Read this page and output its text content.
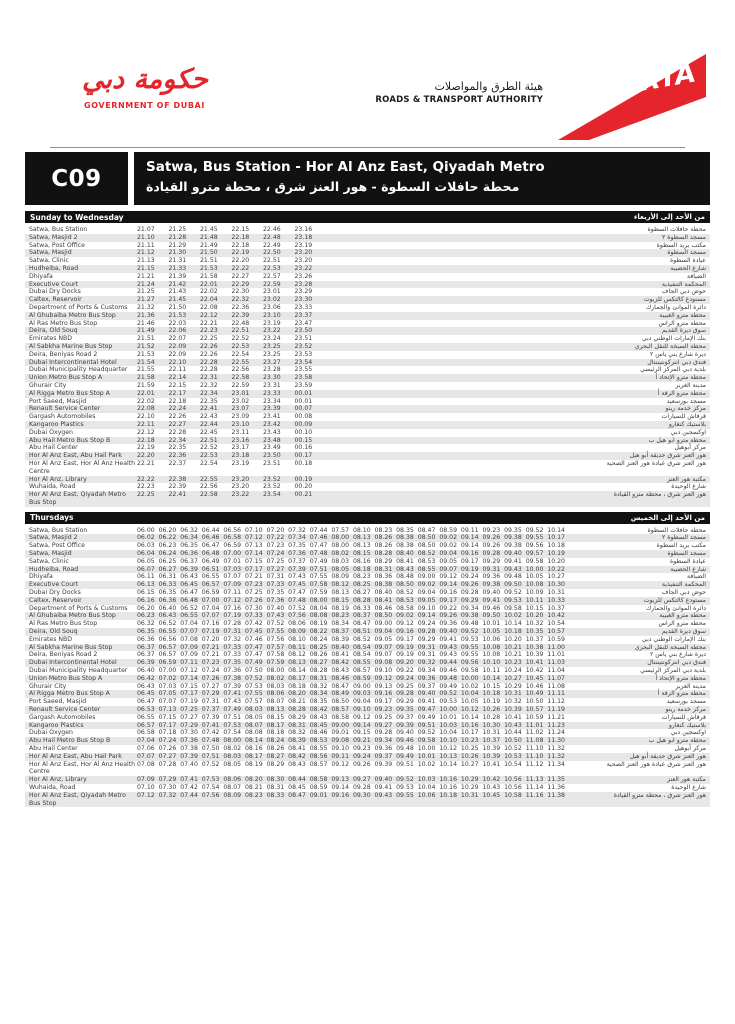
حكومة دبي
GOVERNMENT OF DUBAI
هيئة الطرق والمواصلات
ROADS & TRANSPORT AUTHORITY
RTA
C09	Satwa, Bus Station - Hor Al Anz East, Qiyadah Metro
محطة حافلات السطوة - هور العنز شرق ، محطة مترو القيادة
Sunday to Wednesday	من الأحد إلى الأربعاء
Satwa, Bus Station	21.07	21.25	21.45	22.15	22.46	23.16	محطة حافلات السطوة
Satwa, Masjid 2	21.10	21.28	21.48	22.18	22.48	23.18	مسجد السطوة ٢
Satwa, Post Office	21.11	21.29	21.49	22.18	22.49	23.19	مكتب بريد السطوة
Satwa, Masjid	21.12	21.30	21.50	22.19	22.50	23.20	مسجد السطوة
Satwa, Clinic	21.13	21.31	21.51	22.20	22.51	23.20	عيادة السطوة
Hudheiba, Road	21.15	21.33	21.53	22.22	22.53	23.22	شارع الحضيبة
Dhiyafa	21.21	21.39	21.58	22.27	22.57	23.26	الضيافة
Executive Court	21.24	21.42	22.01	22.29	22.59	23.28	المحكمة التنفيذية
Dubai Dry Docks	21.25	21.43	22.02	22.30	23.01	23.29	حوض دبي الجاف
Caltex, Reservoir	21.27	21.45	22.04	22.32	23.02	23.30	مستودع كالتكس للزيوت
Department of Ports & Customs	21.32	21.50	22.08	22.36	23.06	23.33	دائرة الموانئ والجمارك
Al Ghubaiba Metro Bus Stop	21.36	21.53	22.12	22.39	23.10	23.37	محطة مترو الغبيبة
Al Ras Metro Bus Stop	21.46	22.03	22.21	22.48	23.19	23.47	محطة مترو الراس
Deira, Old Souq	21.49	22.06	22.23	22.51	23.22	23.50	سوق ديرة القديم
Emirates NBD	21.51	22.07	22.25	22.52	23.24	23.51	بنك الإمارات الوطني دبي
Al Sabkha Marine Bus Stop	21.52	22.09	22.26	22.53	23.25	23.52	محطة السبخة للنقل البحري
Deira, Beniyas Road 2	21.53	22.09	22.26	22.54	23.25	23.53	ديرة شارع بني ياس ٢
Dubai Intercontinental Hotel	21.54	22.10	22.28	22.55	23.27	23.54	فندق دبي انتركونتيننتال
Dubai Municipality Headquarter	21.55	22.11	22.28	22.56	23.28	23.55	بلدية دبي المركز الرئيسي
Union Metro Bus Stop A	21.58	22.14	22.31	22.58	23.30	23.58	محطة مترو الإتحاد أ
Ghurair City	21.59	22.15	22.32	22.59	23.31	23.59	مدينة الغرير
Al Rigga Metro Bus Stop A	22.01	22.17	22.34	23.01	23.33	00.01	محطة مترو الرقة أ
Port Saeed, Masjid	22.02	22.18	22.35	23.02	23.34	00.01	مسجد بورسعيد
Renault Service Center	22.08	22.24	22.41	23.07	23.39	00.07	مركز خدمة رينو
Gargash Automobiles	22.10	22.26	22.43	23.09	23.41	00.08	قرقاش للسيارات
Kangaroo Plastics	22.11	22.27	22.44	23.10	23.42	00.09	بلاستيك كنغارو
Dubai Oxygen	22.12	22.28	22.45	23.11	23.43	00.10	اوكسجين دبي
Abu Hail Metro Bus Stop B	22.18	22.34	22.51	23.16	23.48	00.15	محطة مترو ابو هيل ب
Abu Hail Center	22.19	22.35	22.52	23.17	23.49	00.16	مركز أبوهيل
Hor Al Anz East, Abu Hail Park	22.20	22.36	22.53	23.18	23.50	00.17	هور العنز شرق حديقة أبو هيل
Hor Al Anz East, Hor Al Anz Health Centre
22.21	22.37	22.54	23.19	23.51	00.18	هور العنز شرق عيادة هور العنز الصحية
Hor Al Anz, Library	22.22	22.38	22.55	23.20	23.52	00.19	مكتبة هور العنز
Wuhaida, Road	22.23	22.39	22.56	23.20	23.52	00.20	شارع الوحيدة
Hor Al Anz East, Qiyadah Metro Bus Stop
22.25	22.41	22.58	23.22	23.54	00.21	هور العنز شرق ، محطة مترو القيادة
Thursdays	من الأحد إلى الخميس
Satwa, Bus Station	06.00 06.20 06.32 06.44 06.56 07.10 07.20 07.32 07.44 07.57 08.10 08.23 08.35 08.47 08.59 09.11 09.23 09.35 09.52 10.14	محطة حافلات السطوة
Satwa, Masjid 2	06.02 06.22 06.34 06.46 06.58 07.12 07.22 07.34 07.46 08.00 08.13 08.26 08.38 08.50 09.02 09.14 09.26 09.38 09.55 10.17	مسجد السطوة ٢
Satwa, Post Office	06.03 06.23 06.35 06.47 06.59 07.13 07.23 07.35 07.47 08.00 08.13 08.26 08.38 08.50 09.02 09.14 09.26 09.38 09.56 10.18	مكتب بريد السطوة
Satwa, Masjid	06.04 06.24 06.36 06.48 07.00 07.14 07.24 07.36 07.48 08.02 08.15 08.28 08.40 08.52 09.04 09.16 09.28 09.40 09.57 10.19	مسجد السطوة
Satwa, Clinic	06.05 06.25 06.37 06.49 07.01 07.15 07.25 07.37 07.49 08.03 08.16 08.29 08.41 08.53 09.05 09.17 09.29 09.41 09.58 10.20	عيادة السطوة
Hudheiba, Road	06.07 06.27 06.39 06.51 07.03 07.17 07.27 07.39 07.51 08.05 08.18 08.31 08.43 08.55 09.07 09.19 09.31 09.43 10.00 10.22	شارع الحضيبة
Dhiyafa	06.11 06.31 06.43 06.55 07.07 07.21 07.31 07.43 07.55 08.09 08.23 08.36 08.48 09.00 09.12 09.24 09.36 09.48 10.05 10.27	الضيافة
Executive Court	06.13 06.33 06.45 06.57 07.09 07.23 07.33 07.45 07.58 08.12 08.25 08.38 08.50 09.02 09.14 09.26 09.38 09.50 10.08 10.30	المحكمة التنفيذية
Dubai Dry Docks	06.15 06.35 06.47 06.59 07.11 07.25 07.35 07.47 07.59 08.13 08.27 08.40 08.52 09.04 09.16 09.28 09.40 09.52 10.09 10.31	حوض دبي الجاف
Caltex, Reservoir	06.16 06.36 06.48 07.00 07.12 07.26 07.36 07.48 08.00 08.15 08.28 08.41 08.53 09.05 09.17 09.29 09.41 09.53 10.11 10.33	مستودع كالتكس للزيوت
Department of Ports & Customs	06.20 06.40 06.52 07.04 07.16 07.30 07.40 07.52 08.04 08.19 08.33 08.46 08.58 09.10 09.22 09.34 09.46 09.58 10.15 10.37	دائرة الموانئ والجمارك
Al Ghubaiba Metro Bus Stop	06.23 06.43 06.55 07.07 07.19 07.33 07.43 07.56 08.08 08.23 08.37 08.50 09.02 09.14 09.26 09.38 09.50 10.02 10.20 10.42	محطة مترو الغبيبة
Al Ras Metro Bus Stop	06.32 06.52 07.04 07.16 07.28 07.42 07.52 08.06 08.19 08.34 08.47 09.00 09.12 09.24 09.36 09.48 10.01 10.14 10.32 10.54	محطة مترو الراس
Deira, Old Souq	06.35 06.55 07.07 07.19 07.31 07.45 07.55 08.09 08.22 08.37 08.51 09.04 09.16 09.28 09.40 09.52 10.05 10.18 10.35 10.57	سوق ديرة القديم
Emirates NBD	06.36 06.56 07.08 07.20 07.32 07.46 07.56 08.10 08.24 08.39 08.52 09.05 09.17 09.29 09.41 09.53 10.06 10.20 10.37 10.59	بنك الإمارات الوطني دبي
Al Sabkha Marine Bus Stop	06.37 06.57 07.09 07.21 07.33 07.47 07.57 08.11 08.25 08.40 08.54 09.07 09.19 09.31 09.43 09.55 10.08 10.21 10.38 11.00	محطة السبخة للنقل البحري
Deira, Beniyas Road 2	06.37 06.57 07.09 07.21 07.33 07.47 07.58 08.12 08.26 08.41 08.54 09.07 09.19 09.31 09.43 09.55 10.08 10.21 10.39 11.01	ديرة شارع بني ياس ٢
Dubai Intercontinental Hotel	06.39 06.59 07.11 07.23 07.35 07.49 07.59 08.13 08.27 08.42 08.55 09.08 09.20 09.32 09.44 09.56 10.10 10.23 10.41 11.03	فندق دبي انتركونتيننتال
Dubai Municipality Headquarter	06.40 07.00 07.12 07.24 07.36 07.50 08.00 08.14 08.28 08.43 08.57 09.10 09.22 09.34 09.46 09.58 10.11 10.24 10.42 11.04	بلدية دبي المركز الرئيسي
Union Metro Bus Stop A	06.42 07.02 07.14 07.26 07.38 07.52 08.02 08.17 08.31 08.46 08.59 09.12 09.24 09.36 09.48 10.00 10.14 10.27 10.45 11.07	محطة مترو الإتحاد أ
Ghurair City	06.43 07.03 07.15 07.27 07.39 07.53 08.03 08.18 08.32 08.47 09.00 09.13 09.25 09.37 09.49 10.02 10.15 10.29 10.46 11.08	مدينة الغرير
Al Rigga Metro Bus Stop A	06.45 07.05 07.17 07.29 07.41 07.55 08.06 08.20 08.34 08.49 09.03 09.16 09.28 09.40 09.52 10.04 10.18 10.31 10.49 11.11	محطة مترو الرقة أ
Port Saeed, Masjid	06.47 07.07 07.19 07.31 07.43 07.57 08.07 08.21 08.35 08.50 09.04 09.17 09.29 09.41 09.53 10.05 10.19 10.32 10.50 11.12	مسجد بورسعيد
Renault Service Center	06.53 07.13 07.25 07.37 07.49 08.03 08.13 08.28 08.42 08.57 09.10 09.23 09.35 09.47 10.00 10.12 10.26 10.39 10.57 11.19	مركز خدمة رينو
Gargash Automobiles	06.55 07.15 07.27 07.39 07.51 08.05 08.15 08.29 08.43 08.58 09.12 09.25 09.37 09.49 10.01 10.14 10.28 10.41 10.59 11.21	قرقاش للسيارات
Kangaroo Plastics	06.57 07.17 07.29 07.41 07.53 08.07 08.17 08.31 08.45 09.00 09.14 09.27 09.39 09.51 10.03 10.16 10.30 10.43 11.01 11.23	بلاستيك كنغارو
Dubai Oxygen	06.58 07.18 07.30 07.42 07.54 08.08 08.18 08.32 08.46 09.01 09.15 09.28 09.40 09.52 10.04 10.17 10.31 10.44 11.02 11.24	اوكسجين دبي
Abu Hail Metro Bus Stop B	07.04 07.24 07.36 07.48 08.00 08.14 08.24 08.39 08.53 09.08 09.21 09.34 09.46 09.58 10.10 10.23 10.37 10.50 11.08 11.30	محطة مترو ابو هيل ب
Abu Hail Center	07.06 07.26 07.38 07.50 08.02 08.16 08.26 08.41 08.55 09.10 09.23 09.36 09.48 10.00 10.12 10.25 10.39 10.52 11.10 11.32	مركز أبوهيل
Hor Al Anz East, Abu Hail Park	07.07 07.27 07.39 07.51 08.03 08.17 08.27 08.42 08.56 09.11 09.24 09.37 09.49 10.01 10.13 10.26 10.39 10.53 11.10 11.32	هور العنز شرق حديقة أبو هيل
Hor Al Anz East, Hor Al Anz Health Centre
07.08 07.28 07.40 07.52 08.05 08.19 08.29 08.43 08.57 09.12 09.26 09.39 09.51 10.02 10.14 10.27 10.41 10.54 11.12 11.34	هور العنز شرق عيادة هور العنز الصحية
Hor Al Anz, Library	07.09 07.29 07.41 07.53 08.06 08.20 08.30 08.44 08.58 09.13 09.27 09.40 09.52 10.03 10.16 10.29 10.42 10.56 11.13 11.35	مكتبة هور العنز
Wuhaida, Road	07.10 07.30 07.42 07.54 08.07 08.21 08.31 08.45 08.59 09.14 09.28 09.41 09.53 10.04 10.16 10.29 10.43 10.56 11.14 11.36	شارع الوحيدة
Hor Al Anz East, Qiyadah Metro Bus Stop
07.12 07.32 07.44 07.56 08.09 08.23 08.33 08.47 09.01 09.16 09.30 09.43 09.55 10.06 10.18 10.31 10.45 10.58 11.16 11.38	هور العنز شرق ، محطة مترو القيادة
